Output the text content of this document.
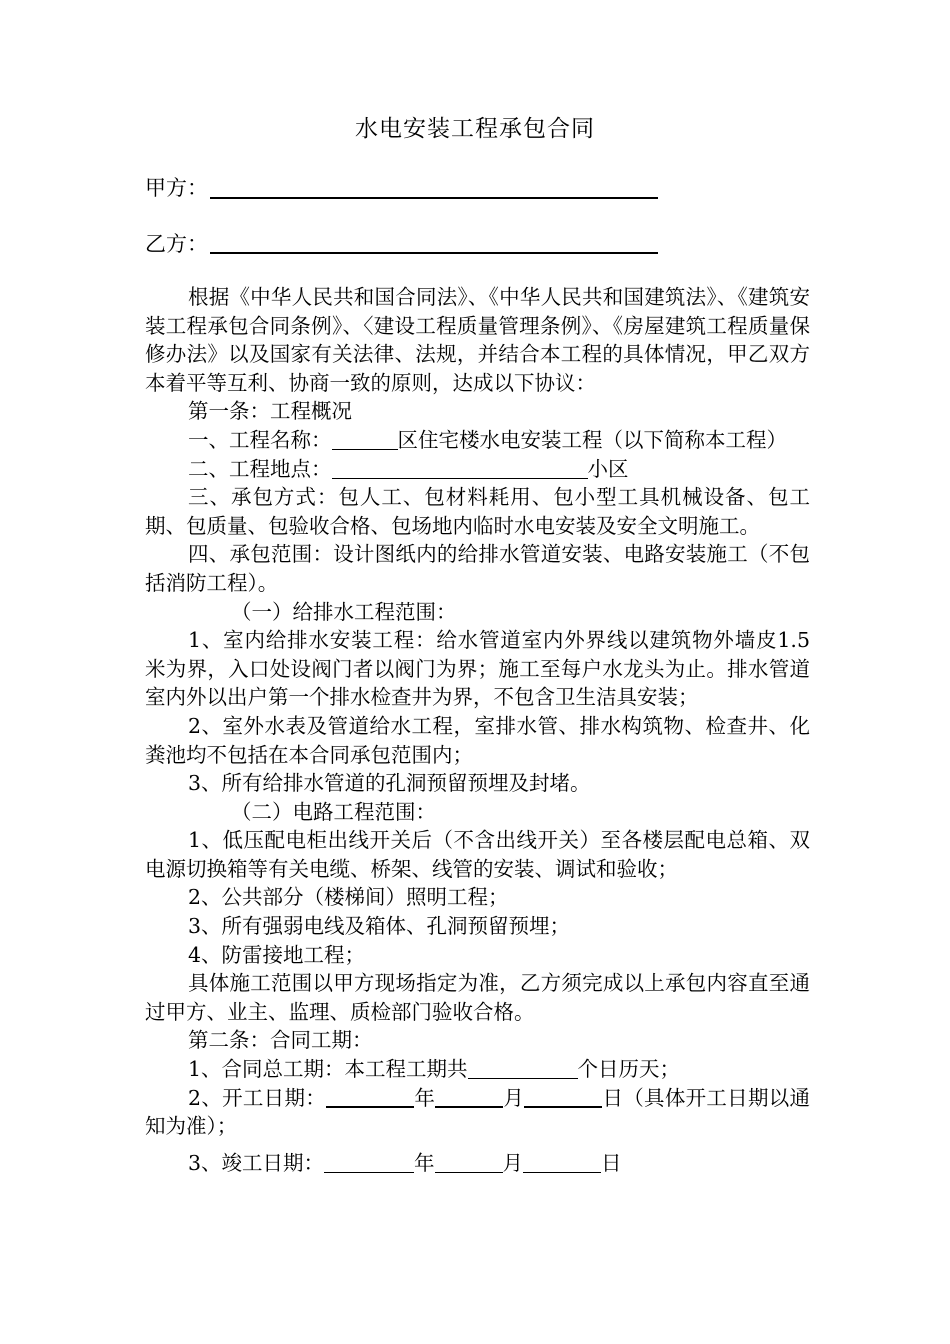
水电安装工程承包合同
甲方：
乙方：

根据《中华人民共和国合同法》、《中华人民共和国建筑法》、《建筑安装工程承包合同条例》、〈建设工程质量管理条例》、《房屋建筑工程质量保修办法》以及国家有关法律、法规，并结合本工程的具体情况，甲乙双方本着平等互利、协商一致的原则，达成以下协议：

第一条：工程概况

一、工程名称：	区住宅楼水电安装工程（以下简称本工程）

二、工程地点：	小区

三、承包方式：包人工、包材料耗用、包小型工具机械设备、包工期、包质量、包验收合格、包场地内临时水电安装及安全文明施工。

四、承包范围：设计图纸内的给排水管道安装、电路安装施工（不包括消防工程）。

（一）给排水工程范围：

1、室内给排水安装工程：给水管道室内外界线以建筑物外墙皮1.5 米为界，入口处设阀门者以阀门为界；施工至每户水龙头为止。排水管道室内外以出户第一个排水检查井为界，不包含卫生洁具安装；

2、室外水表及管道给水工程，室排水管、排水构筑物、检查井、化粪池均不包括在本合同承包范围内；

3、所有给排水管道的孔洞预留预埋及封堵。

（二）电路工程范围：

1、低压配电柜出线开关后（不含出线开关）至各楼层配电总箱、双电源切换箱等有关电缆、桥架、线管的安装、调试和验收；

2、公共部分（楼梯间）照明工程；

3、所有强弱电线及箱体、孔洞预留预埋；

4、防雷接地工程；

具体施工范围以甲方现场指定为准，乙方须完成以上承包内容直至通过甲方、业主、监理、质检部门验收合格。

第二条：合同工期：

1、合同总工期：本工程工期共	个日历天；

2、开工日期：	年	月	日（具体开工日期以通知为准）；

3、竣工日期：	年	月	日
